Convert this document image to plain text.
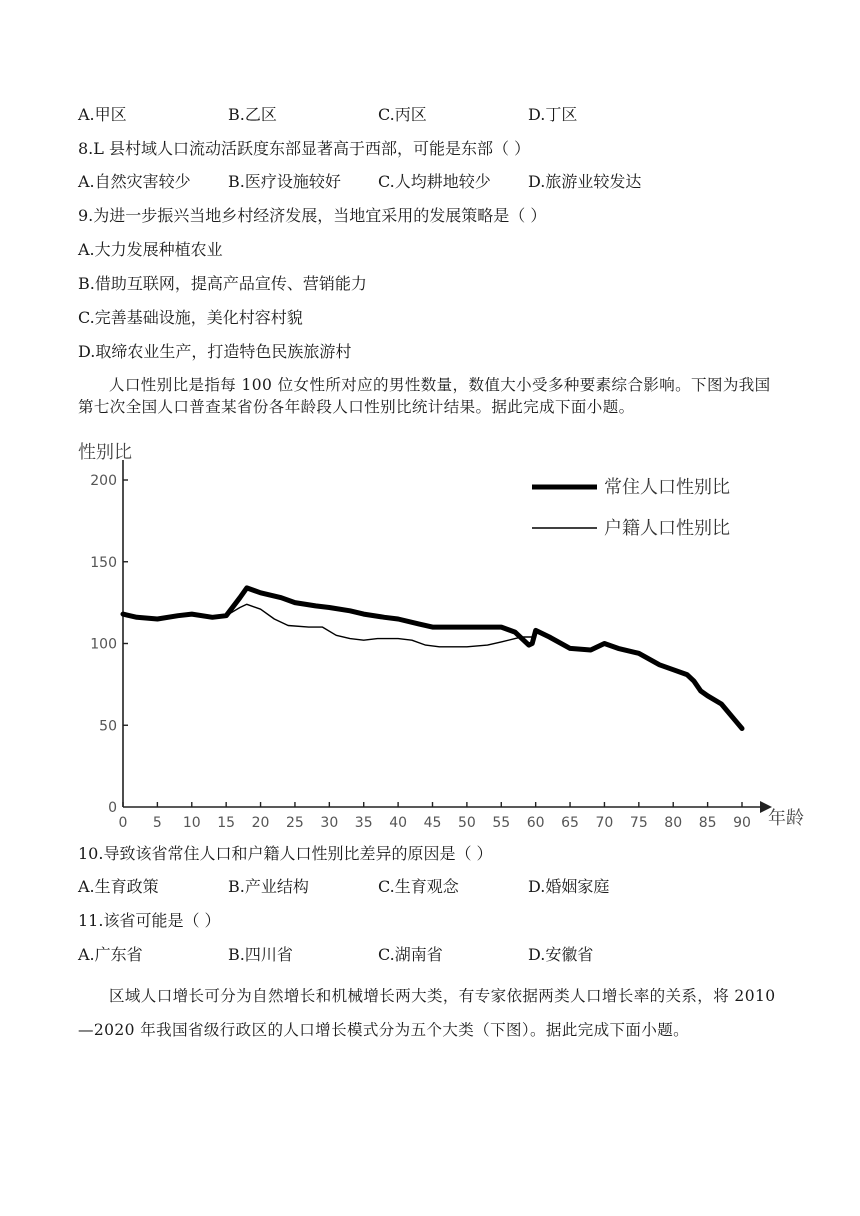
A.甲区	B.乙区	C.丙区	D.丁区
8.L 县村域人口流动活跃度东部显著高于西部，可能是东部（ ）
A.自然灾害较少 B.医疗设施较好 C.人均耕地较少 D.旅游业较发达
9.为进一步振兴当地乡村经济发展，当地宜采用的发展策略是（ ）
A.大力发展种植农业
B.借助互联网，提高产品宣传、营销能力
C.完善基础设施，美化村容村貌
D.取缔农业生产，打造特色民族旅游村
人口性别比是指每 100 位女性所对应的男性数量，数值大小受多种要素综合影响。下图为我国第七次全国人口普查某省份各年龄段人口性别比统计结果。据此完成下面小题。
性别比
年龄
0
50
100
150
200
0 5 10 15 20 25 30 35 40 45 50 55 60 65 70 75 80 85 90
常住人口性别比
户籍人口性别比
10.导致该省常住人口和户籍人口性别比差异的原因是（ ）
A.生育政策	B.产业结构	C.生育观念	D.婚姻家庭
11.该省可能是（ ）
A.广东省	B.四川省	C.湖南省	D.安徽省
区域人口增长可分为自然增长和机械增长两大类，有专家依据两类人口增长率的关系，将 2010—2020 年我国省级行政区的人口增长模式分为五个大类（下图）。据此完成下面小题。
